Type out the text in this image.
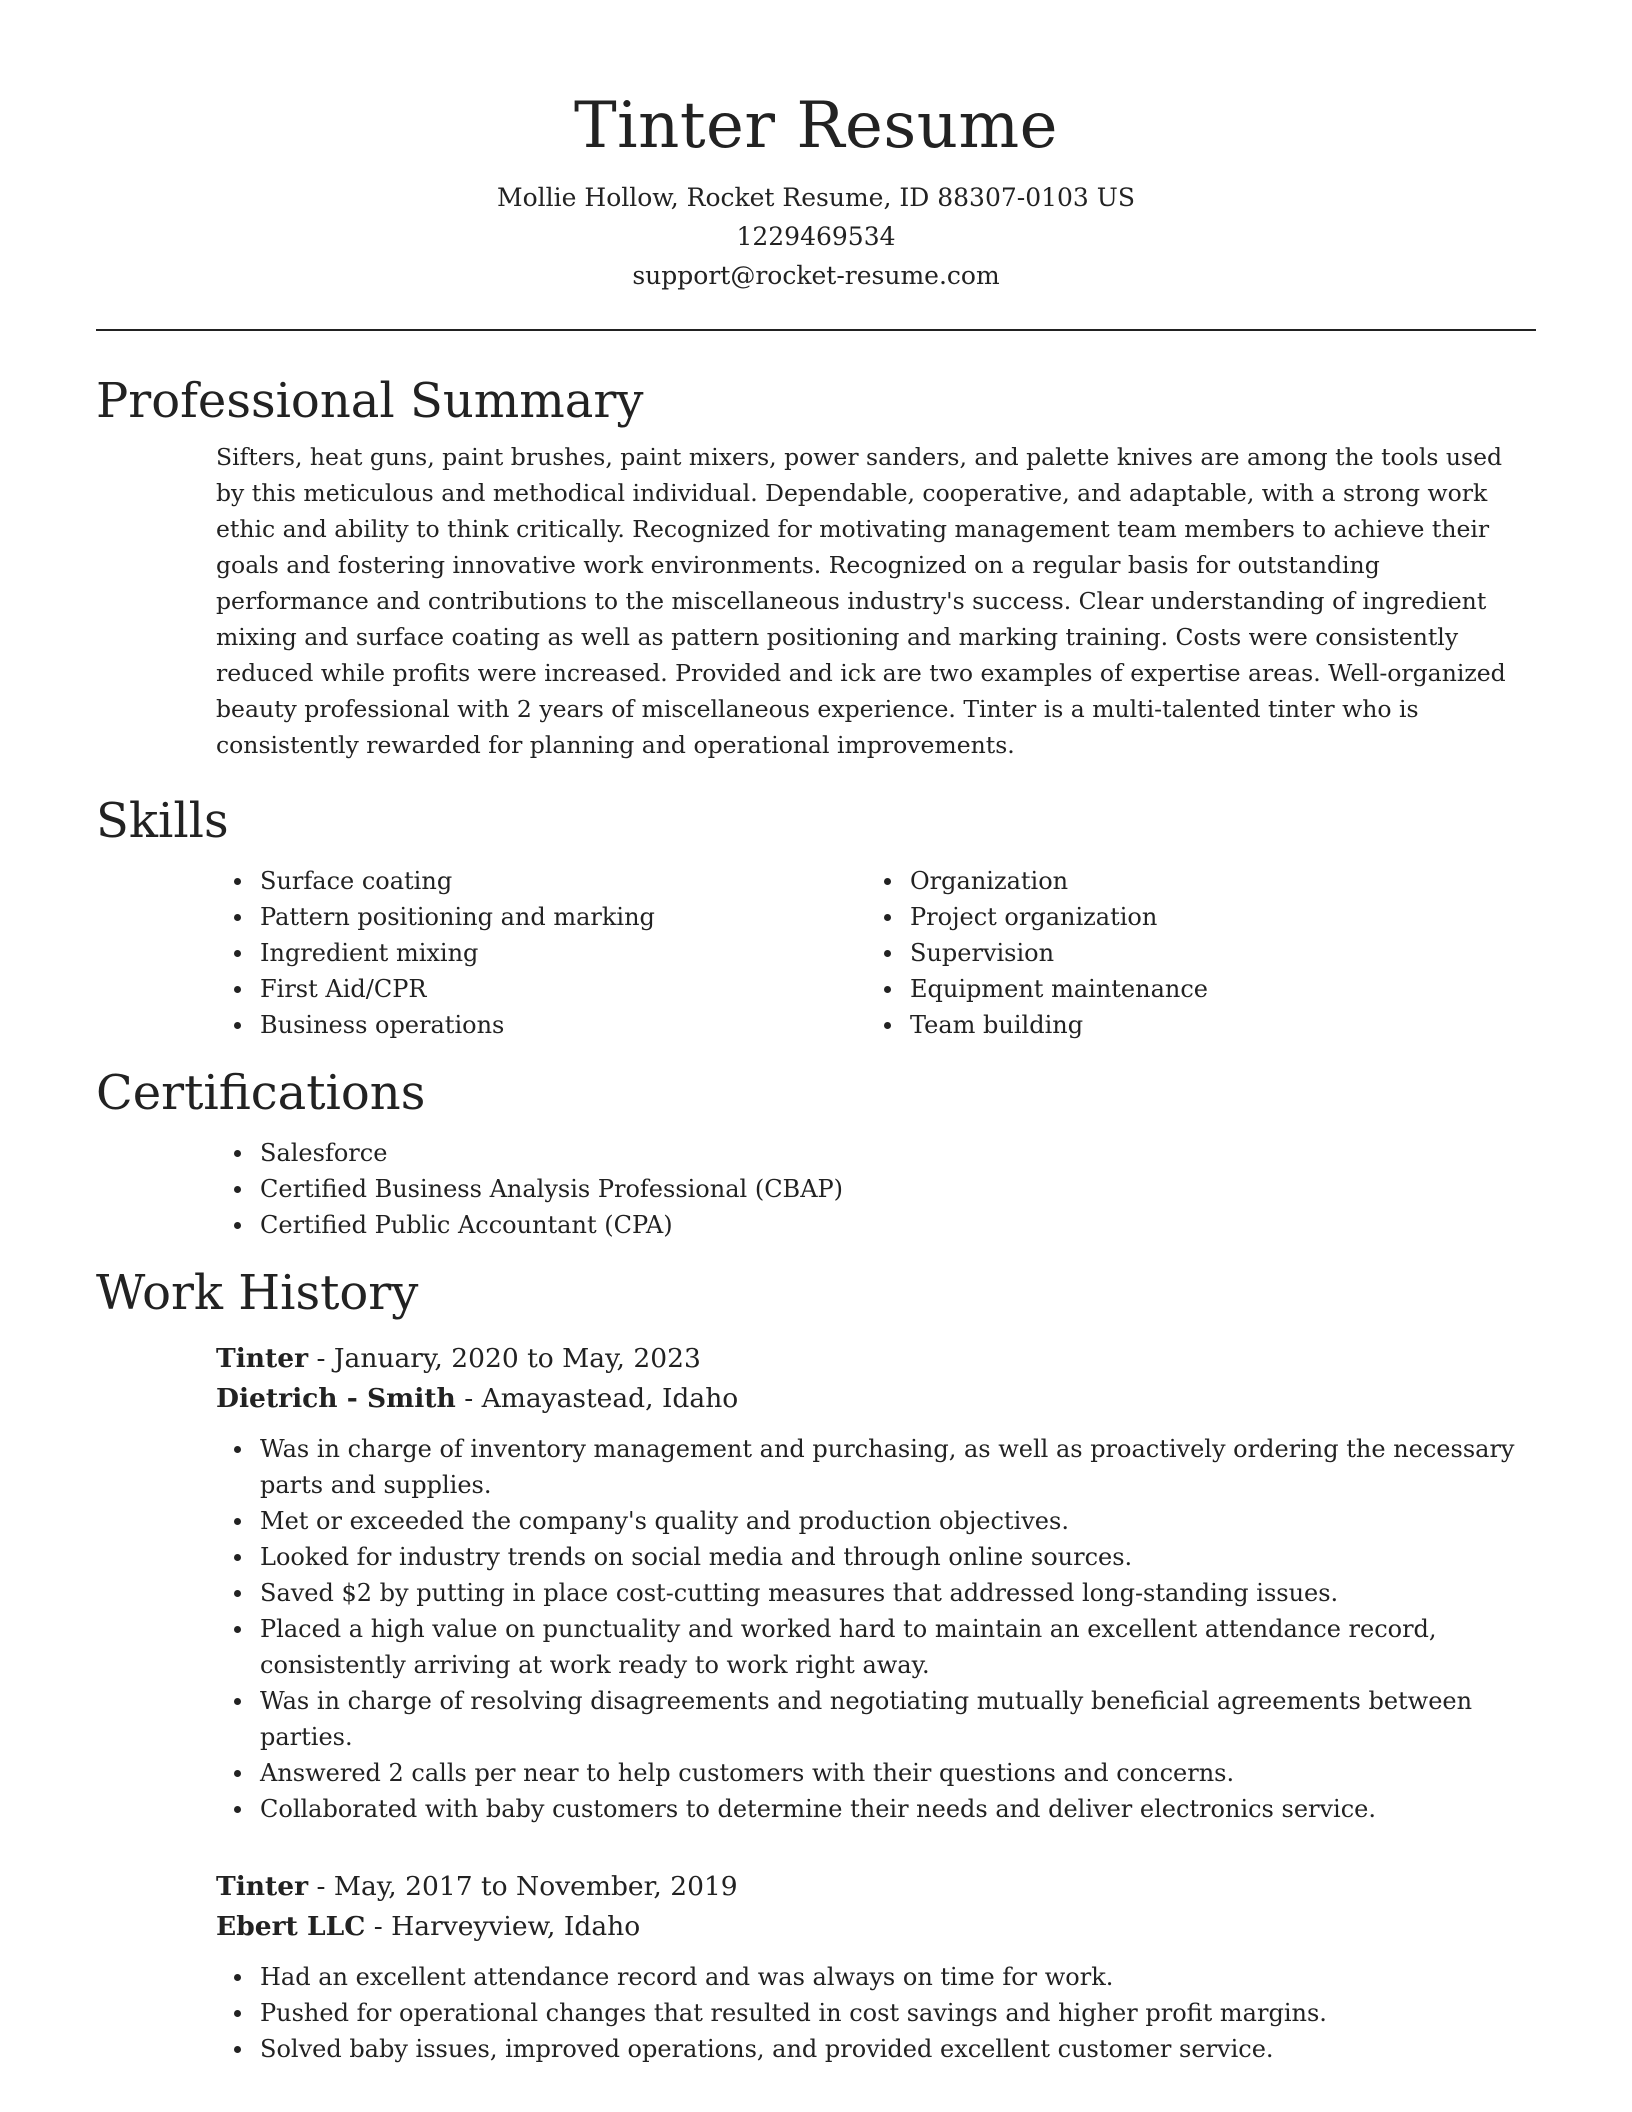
Tinter Resume

Mollie Hollow, Rocket Resume, ID 88307-0103 US

1229469534

support@rocket-resume.com

Professional Summary

Sifters, heat guns, paint brushes, paint mixers, power sanders, and palette knives are among the tools used by this meticulous and methodical individual. Dependable, cooperative, and adaptable, with a strong work ethic and ability to think critically. Recognized for motivating management team members to achieve their goals and fostering innovative work environments. Recognized on a regular basis for outstanding performance and contributions to the miscellaneous industry's success. Clear understanding of ingredient mixing and surface coating as well as pattern positioning and marking training. Costs were consistently reduced while profits were increased. Provided and ick are two examples of expertise areas. Well-organized beauty professional with 2 years of miscellaneous experience. Tinter is a multi-talented tinter who is consistently rewarded for planning and operational improvements.

Skills
Surface coating
Pattern positioning and marking
Ingredient mixing
First Aid/CPR
Business operations
Organization
Project organization
Supervision
Equipment maintenance
Team building
Certifications
Salesforce
Certified Business Analysis Professional (CBAP)
Certified Public Accountant (CPA)
Work History

Tinter - January, 2020 to May, 2023

Dietrich - Smith - Amayastead, Idaho

Was in charge of inventory management and purchasing, as well as proactively ordering the necessary parts and supplies.
Met or exceeded the company's quality and production objectives.
Looked for industry trends on social media and through online sources.
Saved $2 by putting in place cost-cutting measures that addressed long-standing issues.
Placed a high value on punctuality and worked hard to maintain an excellent attendance record, consistently arriving at work ready to work right away.
Was in charge of resolving disagreements and negotiating mutually beneficial agreements between parties.
Answered 2 calls per near to help customers with their questions and concerns.
Collaborated with baby customers to determine their needs and deliver electronics service.

Tinter - May, 2017 to November, 2019

Ebert LLC - Harveyview, Idaho

Had an excellent attendance record and was always on time for work.
Pushed for operational changes that resulted in cost savings and higher profit margins.
Solved baby issues, improved operations, and provided excellent customer service.
